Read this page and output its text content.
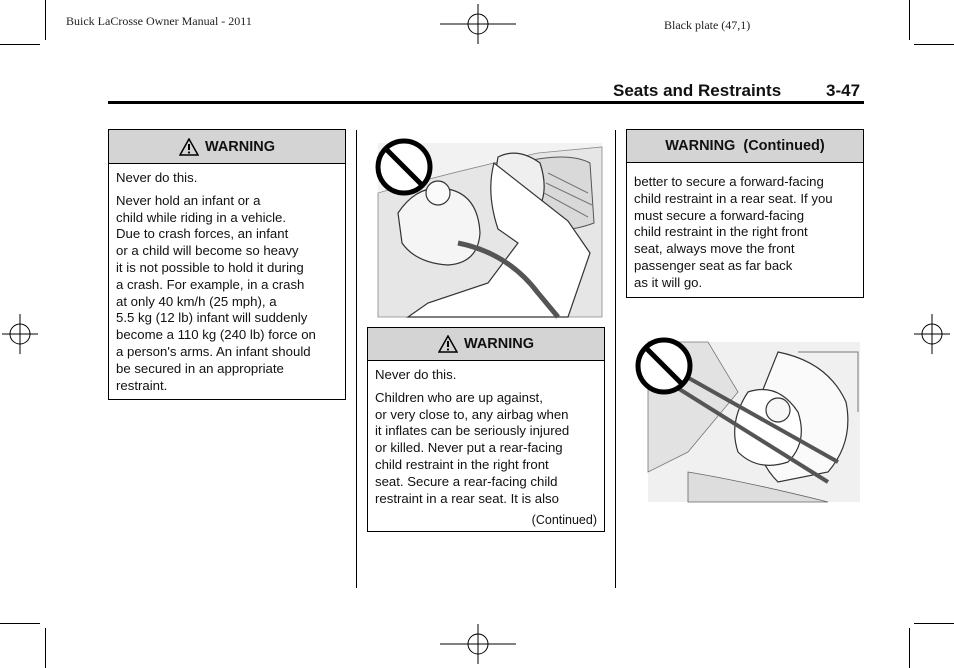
Buick LaCrosse Owner Manual - 2011	Black plate (47,1)
Seats and Restraints	3-47
WARNING

Never do this.

Never hold an infant or a

child while riding in a vehicle.

Due to crash forces, an infant

or a child will become so heavy

it is not possible to hold it during

a crash. For example, in a crash

at only 40 km/h (25 mph), a

5.5 kg (12 lb) infant will suddenly

become a 110 kg (240 lb) force on

a person's arms. An infant should

be secured in an appropriate

restraint.

WARNING

Never do this.

Children who are up against,

or very close to, any airbag when

it inflates can be seriously injured

or killed. Never put a rear-facing

child restraint in the right front

seat. Secure a rear-facing child

restraint in a rear seat. It is also

(Continued)

WARNING  (Continued)

better to secure a forward-facing

child restraint in a rear seat. If you

must secure a forward-facing

child restraint in the right front

seat, always move the front

passenger seat as far back

as it will go.
